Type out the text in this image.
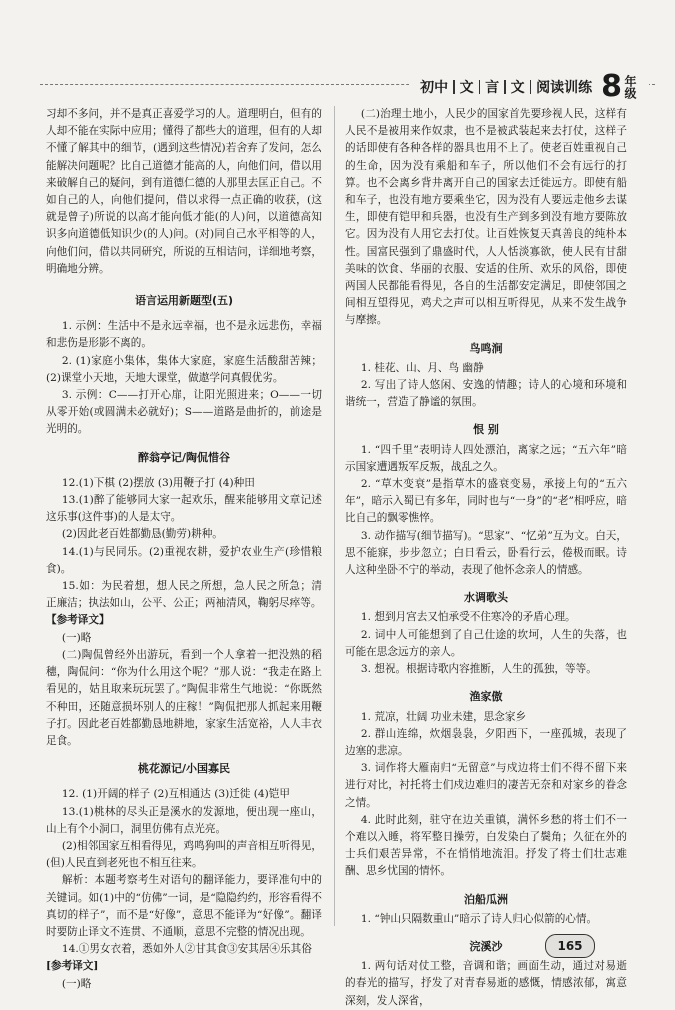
初中 文 言 文 阅读训练 8 年级

习却不多问，并不是真正喜爱学习的人。道理明白，但有的人却不能在实际中应用；懂得了都些大的道理，但有的人却不懂了解其中的细节，(遇到这些情况)若舍弃了发问，怎么能解决问题呢？比自己道德才能高的人，向他们问，借以用来破解自己的疑问，到有道德仁德的人那里去匡正自己。不如自己的人，向他们提问，借以求得一点正确的收获，(这就是曾子)所说的以高才能向低才能(的人)问，以道德高知识多向道德低知识少(的人)问。(对)同自己水平相等的人，向他们问，借以共同研究，所说的互相诘问，详细地考察，明确地分辨。

语言运用新题型(五)

1. 示例：生活中不是永远幸福，也不是永远悲伤，幸福和悲伤是形影不离的。

2. (1)家庭小集体，集体大家庭，家庭生活酸甜苦辣；(2)课堂小天地，天地大课堂，做遨学问真假优劣。

3. 示例：C——打开心扉，让阳光照进来；O——一切从零开始(或圆满未必就好)；S——道路是曲折的，前途是光明的。

醉翁亭记/陶侃惜谷

12.(1)下棋 (2)摆放 (3)用鞭子打 (4)种田

13.(1)醉了能够同大家一起欢乐，醒来能够用文章记述这乐事(这件事)的人是太守。

(2)因此老百姓都勤恳(勤劳)耕种。

14.(1)与民同乐。(2)重视农耕，爱护农业生产(珍惜粮食)。

15.如：为民着想，想人民之所想，急人民之所急；清正廉洁；执法如山，公平、公正；两袖清风，鞠躬尽瘁等。

【参考译文】

(一)略

(二)陶侃曾经外出游玩，看到一个人拿着一把没熟的稻穗，陶侃问：“你为什么用这个呢？”那人说：“我走在路上看见的，姑且取来玩玩罢了。”陶侃非常生气地说：“你既然不种田，还随意损坏别人的庄稼！”陶侃把那人抓起来用鞭子打。因此老百姓都勤恳地耕地，家家生活宽裕，人人丰衣足食。

桃花源记/小国寡民

12. (1)开阔的样子 (2)互相通达 (3)迁徙 (4)铠甲

13.(1)桃林的尽头正是溪水的发源地，便出现一座山，山上有个小洞口，洞里仿佛有点光亮。

(2)相邻国家互相看得见，鸡鸣狗叫的声音相互听得见，(但)人民直到老死也不相互往来。

解析：本题考察考生对语句的翻译能力，要译准句中的关键词。如(1)中的“仿佛”一词，是“隐隐约约，形容看得不真切的样子”，而不是“好像”，意思不能译为“好像”。翻译时要防止译文不连贯、不通顺，意思不完整的情况出现。

14.①男女衣着，悉如外人②甘其食③安其居④乐其俗

[参考译文]

(一)略

(二)治理土地小，人民少的国家首先要珍视人民，这样有人民不是被用来作奴隶，也不是被武装起来去打仗，这样子的话即使有各种各样的器具也用不上了。使老百姓重视自己的生命，因为没有乘船和车子，所以他们不会有远行的打算。也不会离乡背井离开自己的国家去迁徙远方。即使有船和车子，也没有地方要乘坐它，因为没有人要远走他乡去谋生，即使有铠甲和兵器，也没有生产到多到没有地方要陈放它。因为没有人用它去打仗。让百姓恢复天真善良的纯朴本性。国富民强到了鼎盛时代，人人恬淡寡欲，使人民有甘甜美味的饮食、华丽的衣服、安适的住所、欢乐的风俗，即使两国人民都能看得见，各自的生活都安定满足，即使邻国之间相互望得见，鸡犬之声可以相互听得见，从来不发生战争与摩擦。

鸟鸣涧

1. 桂花、山、月、鸟 幽静

2. 写出了诗人悠闲、安逸的情趣；诗人的心境和环境和谐统一，营造了静谧的氛围。

恨 别

1. “四千里”表明诗人四处漂泊，离家之远；“五六年”暗示国家遭遇叛军反叛，战乱之久。

2. “草木变衰”是指草木的盛衰变易，承接上句的“五六年”，暗示入蜀已有多年，同时也与“一身”的“老”相呼应，暗比自己的飘零憔悴。

3. 动作描写(细节描写)。“思家”、“忆弟”互为文。白天，思不能寐，步步忽立；白日看云，卧看行云，倦极而眠。诗人这种坐卧不宁的举动，表现了他怀念亲人的情感。

水调歌头

1. 想到月宫去又怕承受不住寒冷的矛盾心理。

2. 词中人可能想到了自己仕途的坎坷，人生的失落，也可能在思念远方的亲人。

3. 想祝。根据诗歌内容推断，人生的孤独，等等。

渔家傲

1. 荒凉，壮阔 功业未建，思念家乡

2. 群山连绵，炊烟袅袅，夕阳西下，一座孤城，表现了边塞的悲凉。

3. 词作将大雁南归“无留意”与戍边将士们不得不留下来进行对比，衬托将士们戍边难归的凄苦无奈和对家乡的眷念之情。

4. 此时此刻，驻守在边关重镇，满怀乡愁的将士们不一个难以入睡，将军整日操劳，白发染白了鬓角；久征在外的士兵们艰苦异常，不在悄悄地流泪。抒发了将士们壮志难酬、思乡忧国的情怀。

泊船瓜洲

1. “钟山只隔数重山”暗示了诗人归心似箭的心情。

浣溪沙

1. 两句话对仗工整，音调和谐；画面生动，通过对易逝的春光的描写，抒发了对青春易逝的感慨，情感浓郁，寓意深刻，发人深省，

165
